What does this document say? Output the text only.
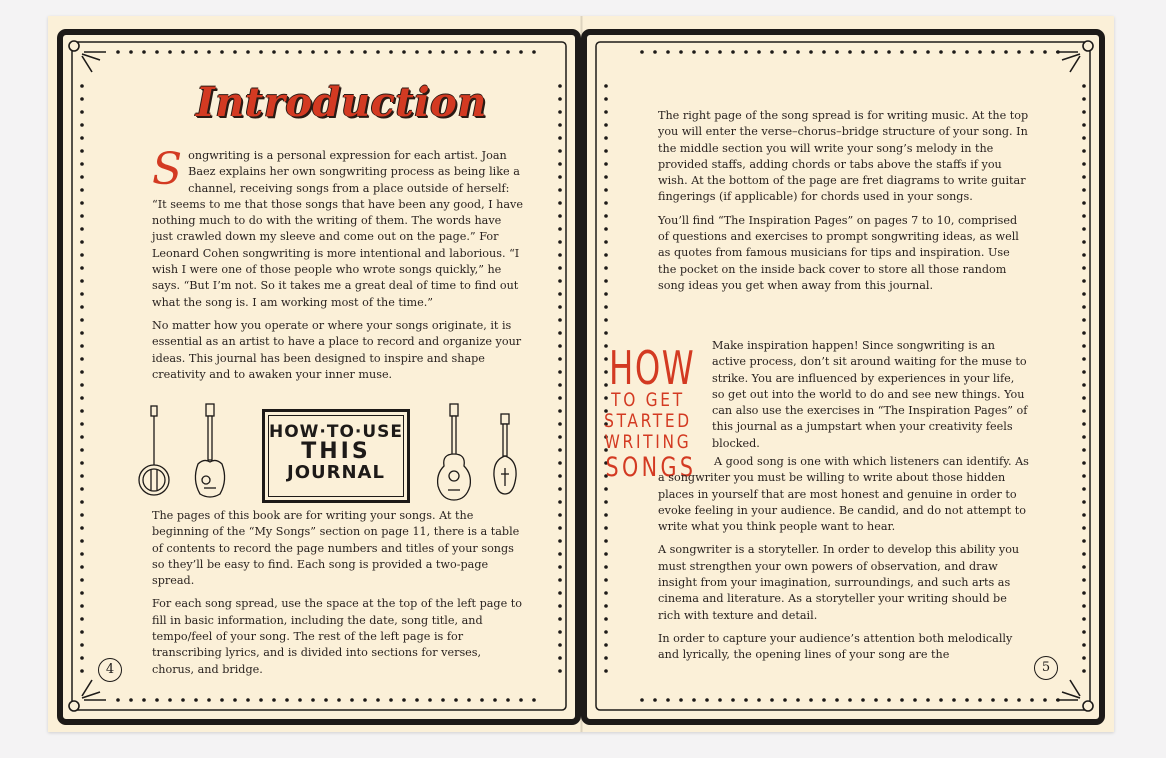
Introduction

Songwriting is a personal expression for each artist. Joan Baez explains her own songwriting process as being like a channel, receiving songs from a place outside of herself: “It seems to me that those songs that have been any good, I have nothing much to do with the writing of them. The words have just crawled down my sleeve and come out on the page.” For Leonard Cohen songwriting is more intentional and laborious. “I wish I were one of those people who wrote songs quickly,” he says. “But I’m not. So it takes me a great deal of time to find out what the song is. I am working most of the time.”

No matter how you operate or where your songs originate, it is essential as an artist to have a place to record and organize your ideas. This journal has been designed to inspire and shape creativity and to awaken your inner muse.

HOW·TO·USE
THIS
JOURNAL

The pages of this book are for writing your songs. At the beginning of the “My Songs” section on page 11, there is a table of contents to record the page numbers and titles of your songs so they’ll be easy to find. Each song is provided a two-page spread.

For each song spread, use the space at the top of the left page to fill in basic information, including the date, song title, and tempo/feel of your song. The rest of the left page is for transcribing lyrics, and is divided into sections for verses, chorus, and bridge.

4

The right page of the song spread is for writing music. At the top you will enter the verse–chorus–bridge structure of your song. In the middle section you will write your song’s melody in the provided staffs, adding chords or tabs above the staffs if you wish. At the bottom of the page are fret diagrams to write guitar fingerings (if applicable) for chords used in your songs.

You’ll find “The Inspiration Pages” on pages 7 to 10, comprised of questions and exercises to prompt songwriting ideas, as well as quotes from famous musicians for tips and inspiration. Use the pocket on the inside back cover to store all those random song ideas you get when away from this journal.

HOW
TO GET
STARTED
WRITING
SONGS

Make inspiration happen! Since songwriting is an active process, don’t sit around waiting for the muse to strike. You are influenced by experiences in your life, so get out into the world to do and see new things. You can also use the exercises in “The Inspiration Pages” of this journal as a jumpstart when your creativity feels blocked.

A good song is one with which listeners can identify. As a songwriter you must be willing to write about those hidden places in yourself that are most honest and genuine in order to evoke feeling in your audience. Be candid, and do not attempt to write what you think people want to hear.

A songwriter is a storyteller. In order to develop this ability you must strengthen your own powers of observation, and draw insight from your imagination, surroundings, and such arts as cinema and literature. As a storyteller your writing should be rich with texture and detail.

In order to capture your audience’s attention both melodically and lyrically, the opening lines of your song are the

5
